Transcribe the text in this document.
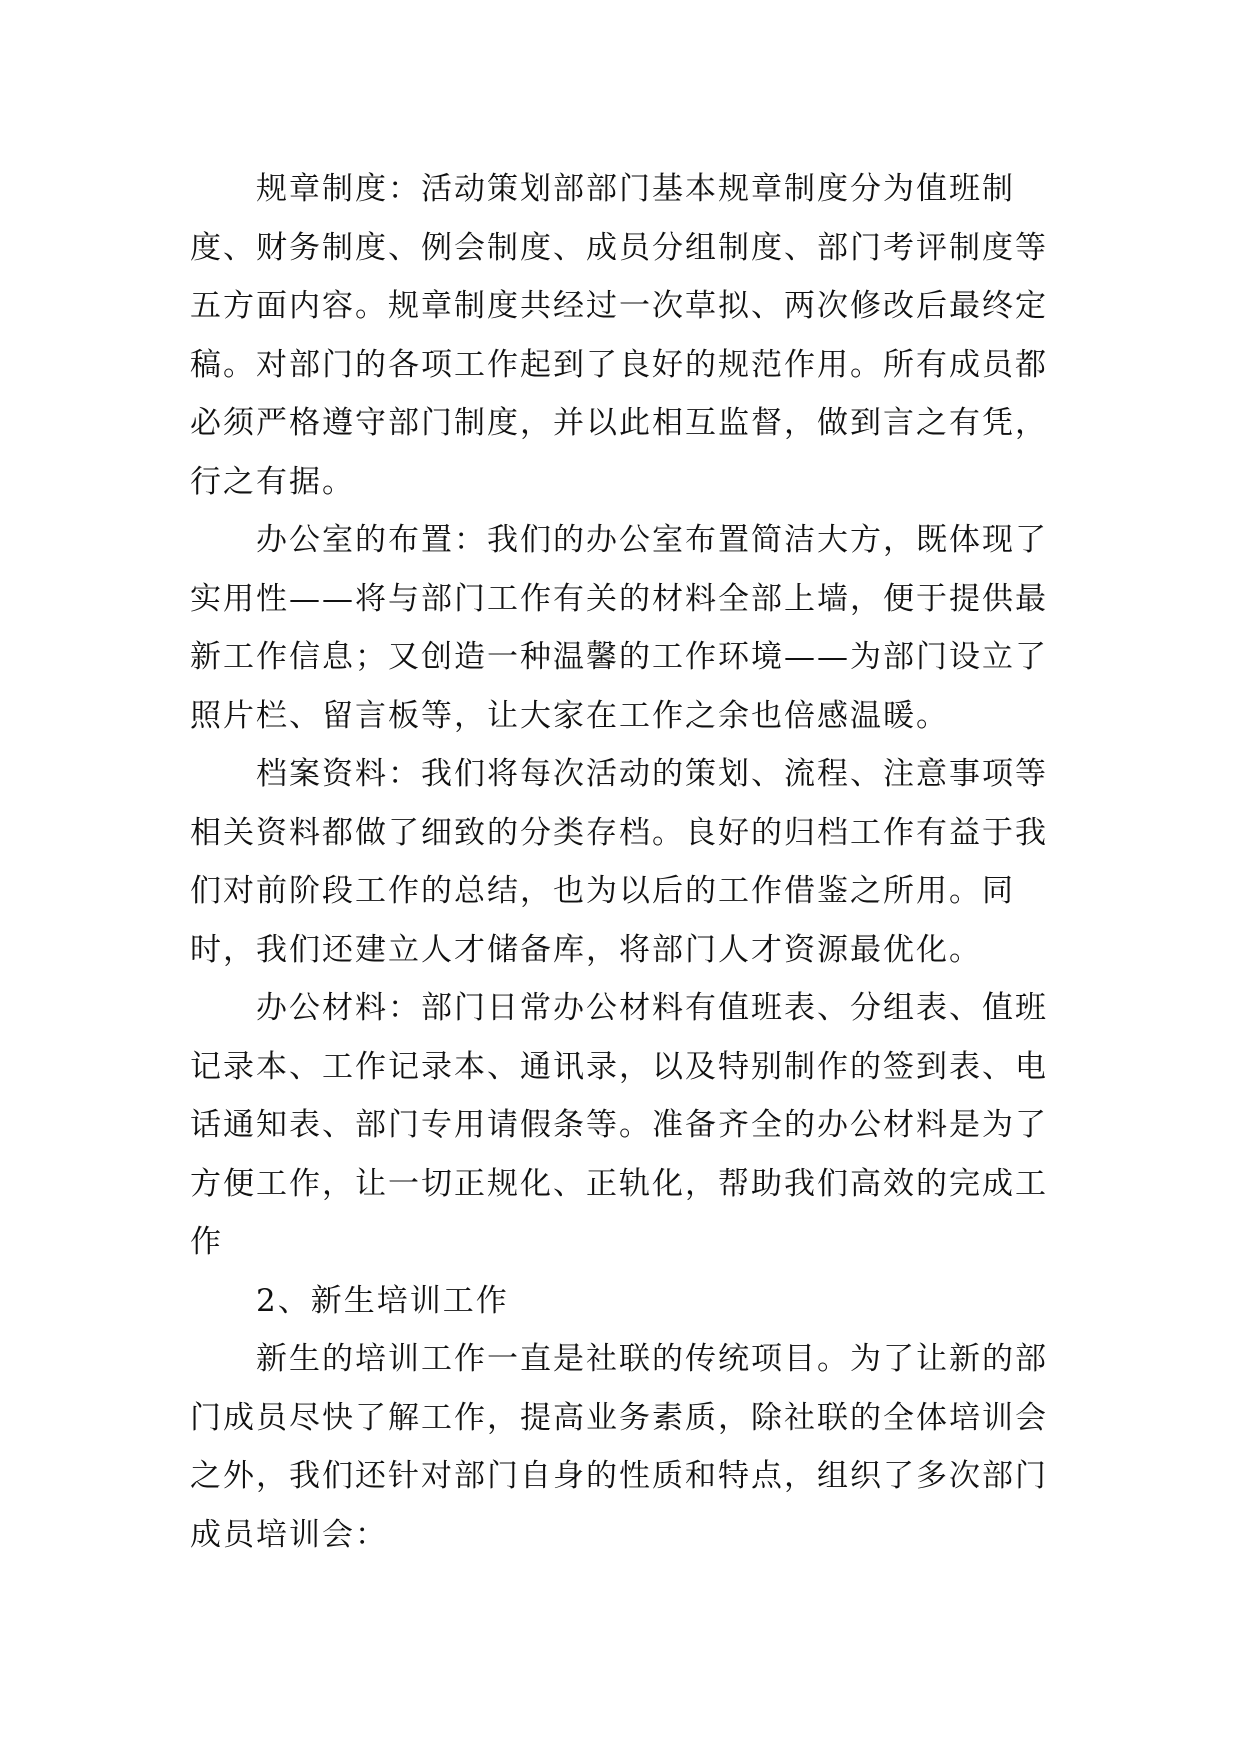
规章制度：活动策划部部门基本规章制度分为值班制度、财务制度、例会制度、成员分组制度、部门考评制度等五方面内容。规章制度共经过一次草拟、两次修改后最终定稿。对部门的各项工作起到了良好的规范作用。所有成员都必须严格遵守部门制度，并以此相互监督，做到言之有凭，行之有据。

办公室的布置：我们的办公室布置简洁大方，既体现了实用性——将与部门工作有关的材料全部上墙，便于提供最新工作信息；又创造一种温馨的工作环境——为部门设立了照片栏、留言板等，让大家在工作之余也倍感温暖。

档案资料：我们将每次活动的策划、流程、注意事项等相关资料都做了细致的分类存档。良好的归档工作有益于我们对前阶段工作的总结，也为以后的工作借鉴之所用。同时，我们还建立人才储备库，将部门人才资源最优化。

办公材料：部门日常办公材料有值班表、分组表、值班记录本、工作记录本、通讯录，以及特别制作的签到表、电话通知表、部门专用请假条等。准备齐全的办公材料是为了方便工作，让一切正规化、正轨化，帮助我们高效的完成工作

2、新生培训工作

新生的培训工作一直是社联的传统项目。为了让新的部门成员尽快了解工作，提高业务素质，除社联的全体培训会之外，我们还针对部门自身的性质和特点，组织了多次部门成员培训会：
